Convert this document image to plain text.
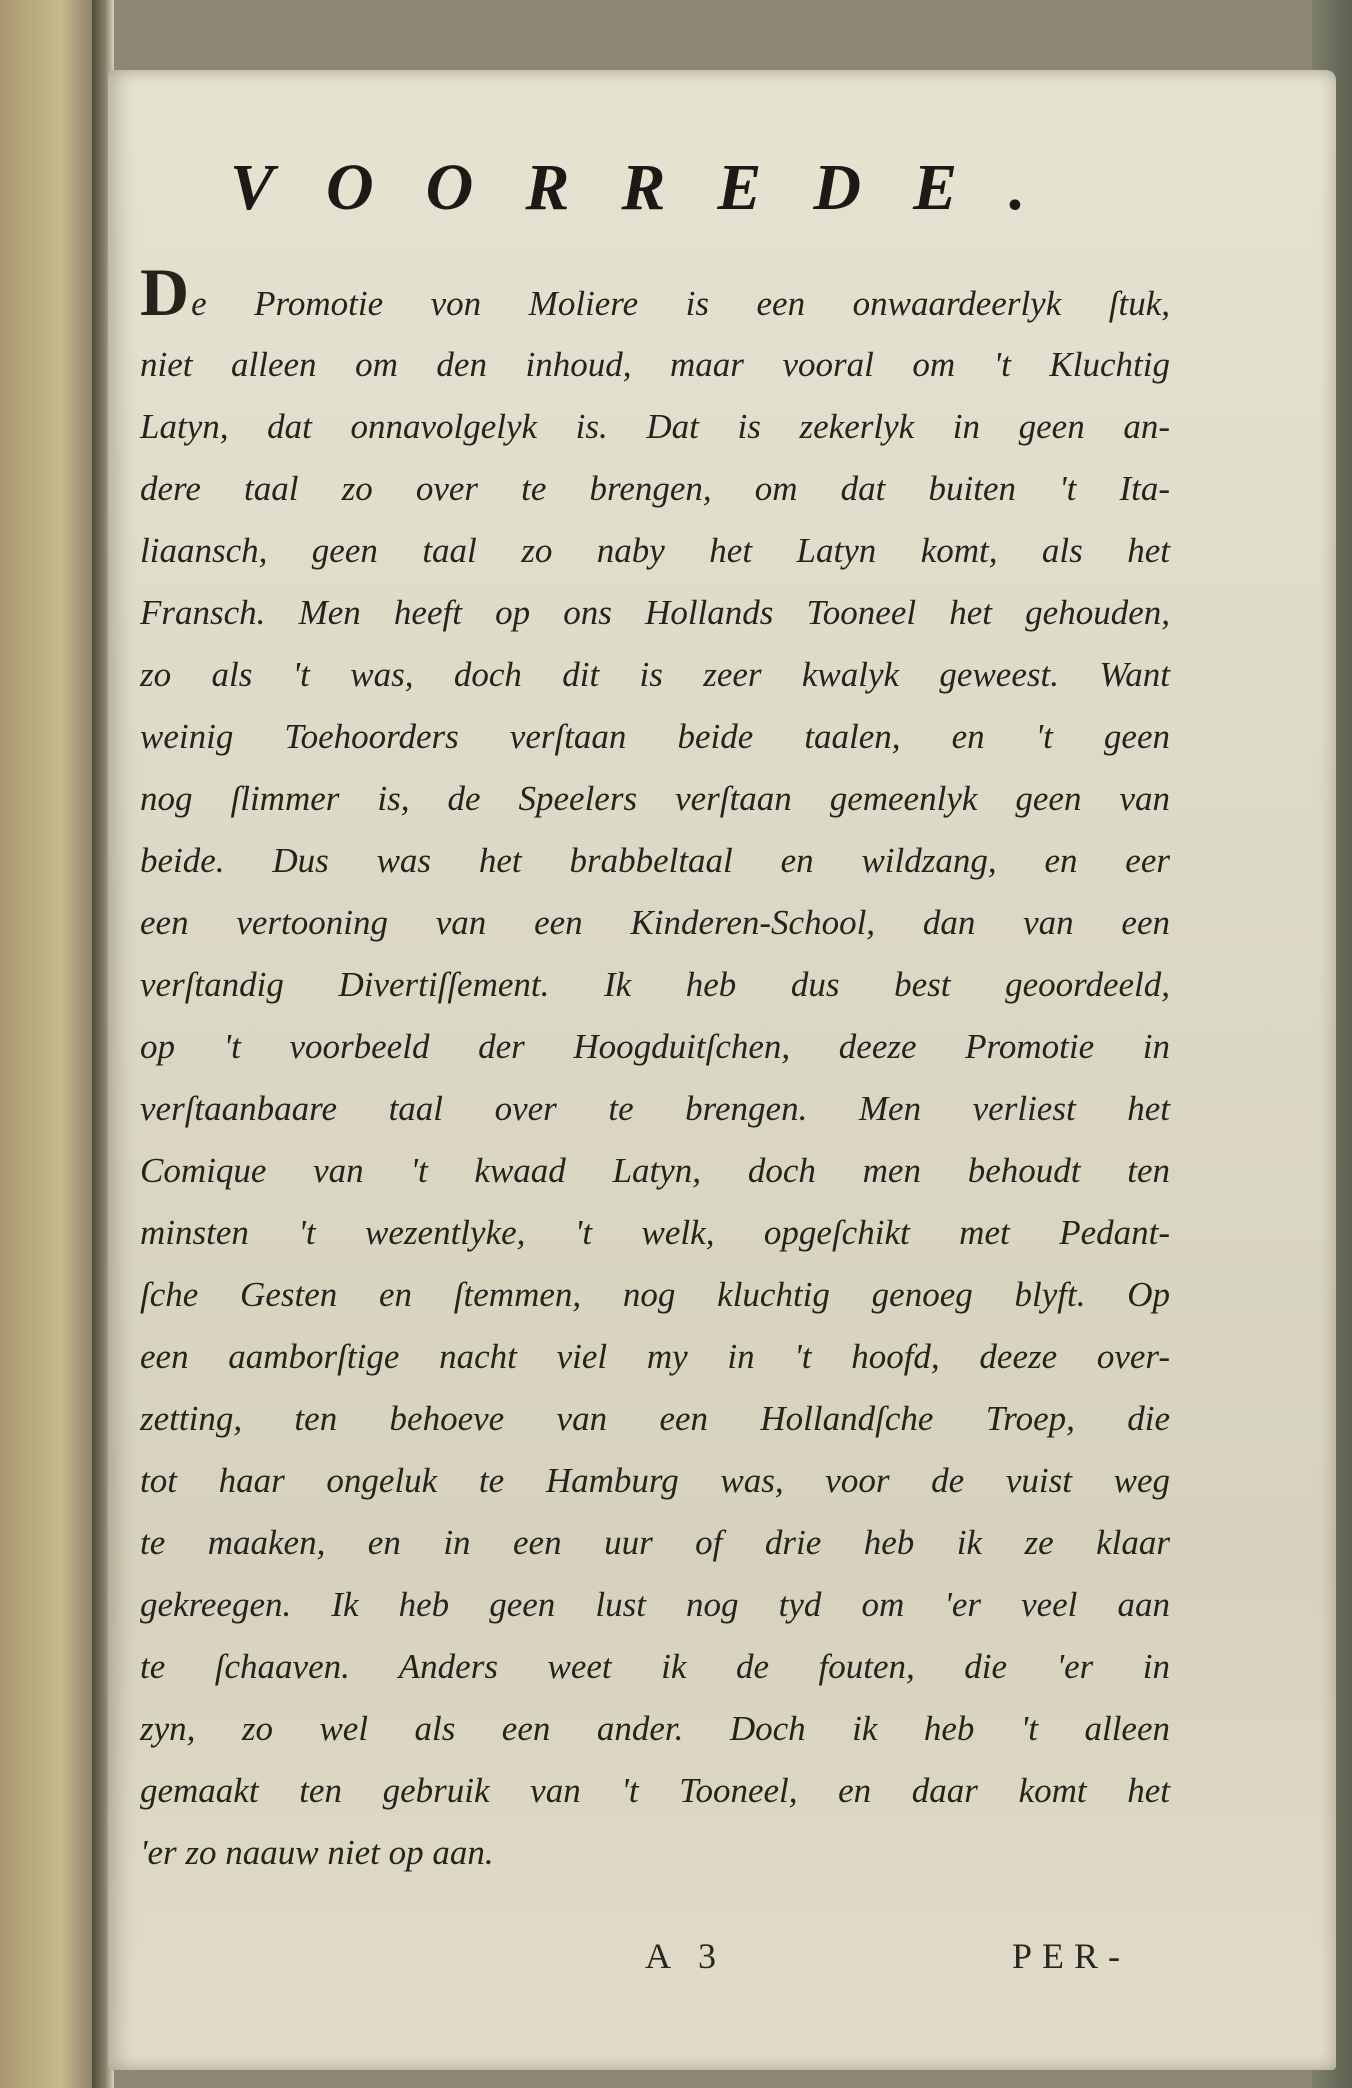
VOORREDE.
De Promotie von Moliere is een onwaardeerlyk ſtuk,
niet alleen om den inhoud, maar vooral om 't Kluchtig
Latyn, dat onnavolgelyk is. Dat is zekerlyk in geen an-
dere taal zo over te brengen, om dat buiten 't Ita-
liaansch, geen taal zo naby het Latyn komt, als het
Fransch. Men heeft op ons Hollands Tooneel het gehouden,
zo als 't was, doch dit is zeer kwalyk geweest. Want
weinig Toehoorders verſtaan beide taalen, en 't geen
nog ſlimmer is, de Speelers verſtaan gemeenlyk geen van
beide. Dus was het brabbeltaal en wildzang, en eer
een vertooning van een Kinderen-School, dan van een
verſtandig Divertiſſement. Ik heb dus best geoordeeld,
op 't voorbeeld der Hoogduitſchen, deeze Promotie in
verſtaanbaare taal over te brengen. Men verliest het
Comique van 't kwaad Latyn, doch men behoudt ten
minsten 't wezentlyke, 't welk, opgeſchikt met Pedant-
ſche Gesten en ſtemmen, nog kluchtig genoeg blyft. Op
een aamborſtige nacht viel my in 't hoofd, deeze over-
zetting, ten behoeve van een Hollandſche Troep, die
tot haar ongeluk te Hamburg was, voor de vuist weg
te maaken, en in een uur of drie heb ik ze klaar
gekreegen. Ik heb geen lust nog tyd om 'er veel aan
te ſchaaven. Anders weet ik de fouten, die 'er in
zyn, zo wel als een ander. Doch ik heb 't alleen
gemaakt ten gebruik van 't Tooneel, en daar komt het
'er zo naauw niet op aan.

A 3	PER-
